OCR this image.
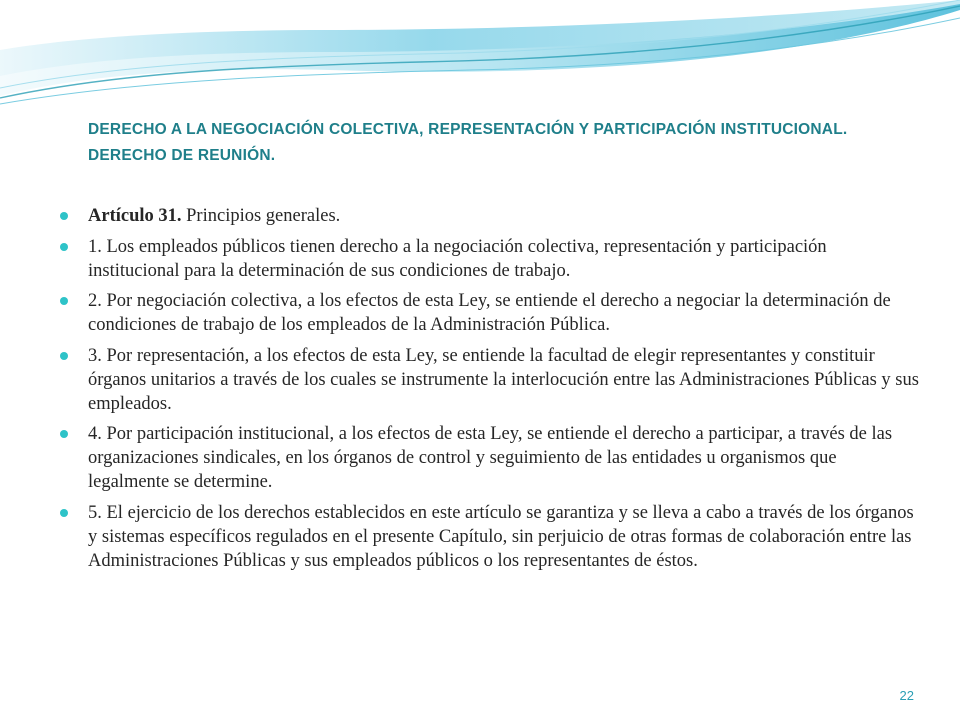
DERECHO A LA NEGOCIACIÓN COLECTIVA, REPRESENTACIÓN Y PARTICIPACIÓN INSTITUCIONAL.
DERECHO DE REUNIÓN.
Artículo 31. Principios generales.
1. Los empleados públicos tienen derecho a la negociación colectiva, representación y participación institucional para la determinación de sus condiciones de trabajo.
2. Por negociación colectiva, a los efectos de esta Ley, se entiende el derecho a negociar la determinación de condiciones de trabajo de los empleados de la Administración Pública.
3. Por representación, a los efectos de esta Ley, se entiende la facultad de elegir representantes y constituir órganos unitarios a través de los cuales se instrumente la interlocución entre las Administraciones Públicas y sus empleados.
4. Por participación institucional, a los efectos de esta Ley, se entiende el derecho a participar, a través de las organizaciones sindicales, en los órganos de control y seguimiento de las entidades u organismos que legalmente se determine.
5. El ejercicio de los derechos establecidos en este artículo se garantiza y se lleva a cabo a través de los órganos y sistemas específicos regulados en el presente Capítulo, sin perjuicio de otras formas de colaboración entre las Administraciones Públicas y sus empleados públicos o los representantes de éstos.
22
